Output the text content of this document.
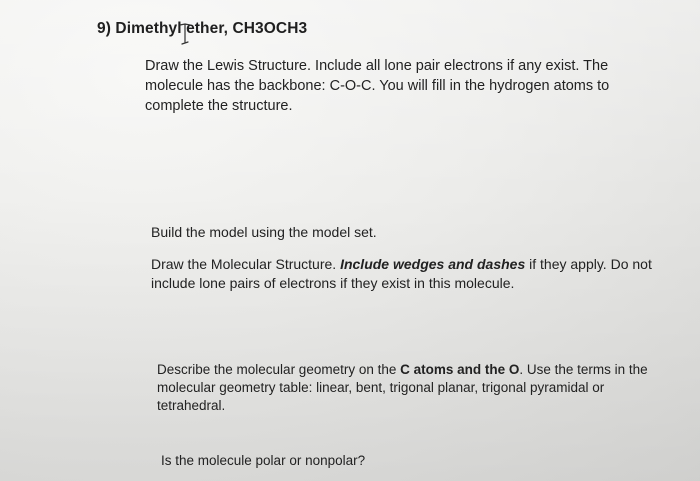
9) Dimethyl ether, CH3OCH3
Draw the Lewis Structure. Include all lone pair electrons if any exist. The molecule has the backbone: C-O-C. You will fill in the hydrogen atoms to complete the structure.
Build the model using the model set.
Draw the Molecular Structure. Include wedges and dashes if they apply. Do not include lone pairs of electrons if they exist in this molecule.
Describe the molecular geometry on the C atoms and the O. Use the terms in the molecular geometry table: linear, bent, trigonal planar, trigonal pyramidal or tetrahedral.
Is the molecule polar or nonpolar?
